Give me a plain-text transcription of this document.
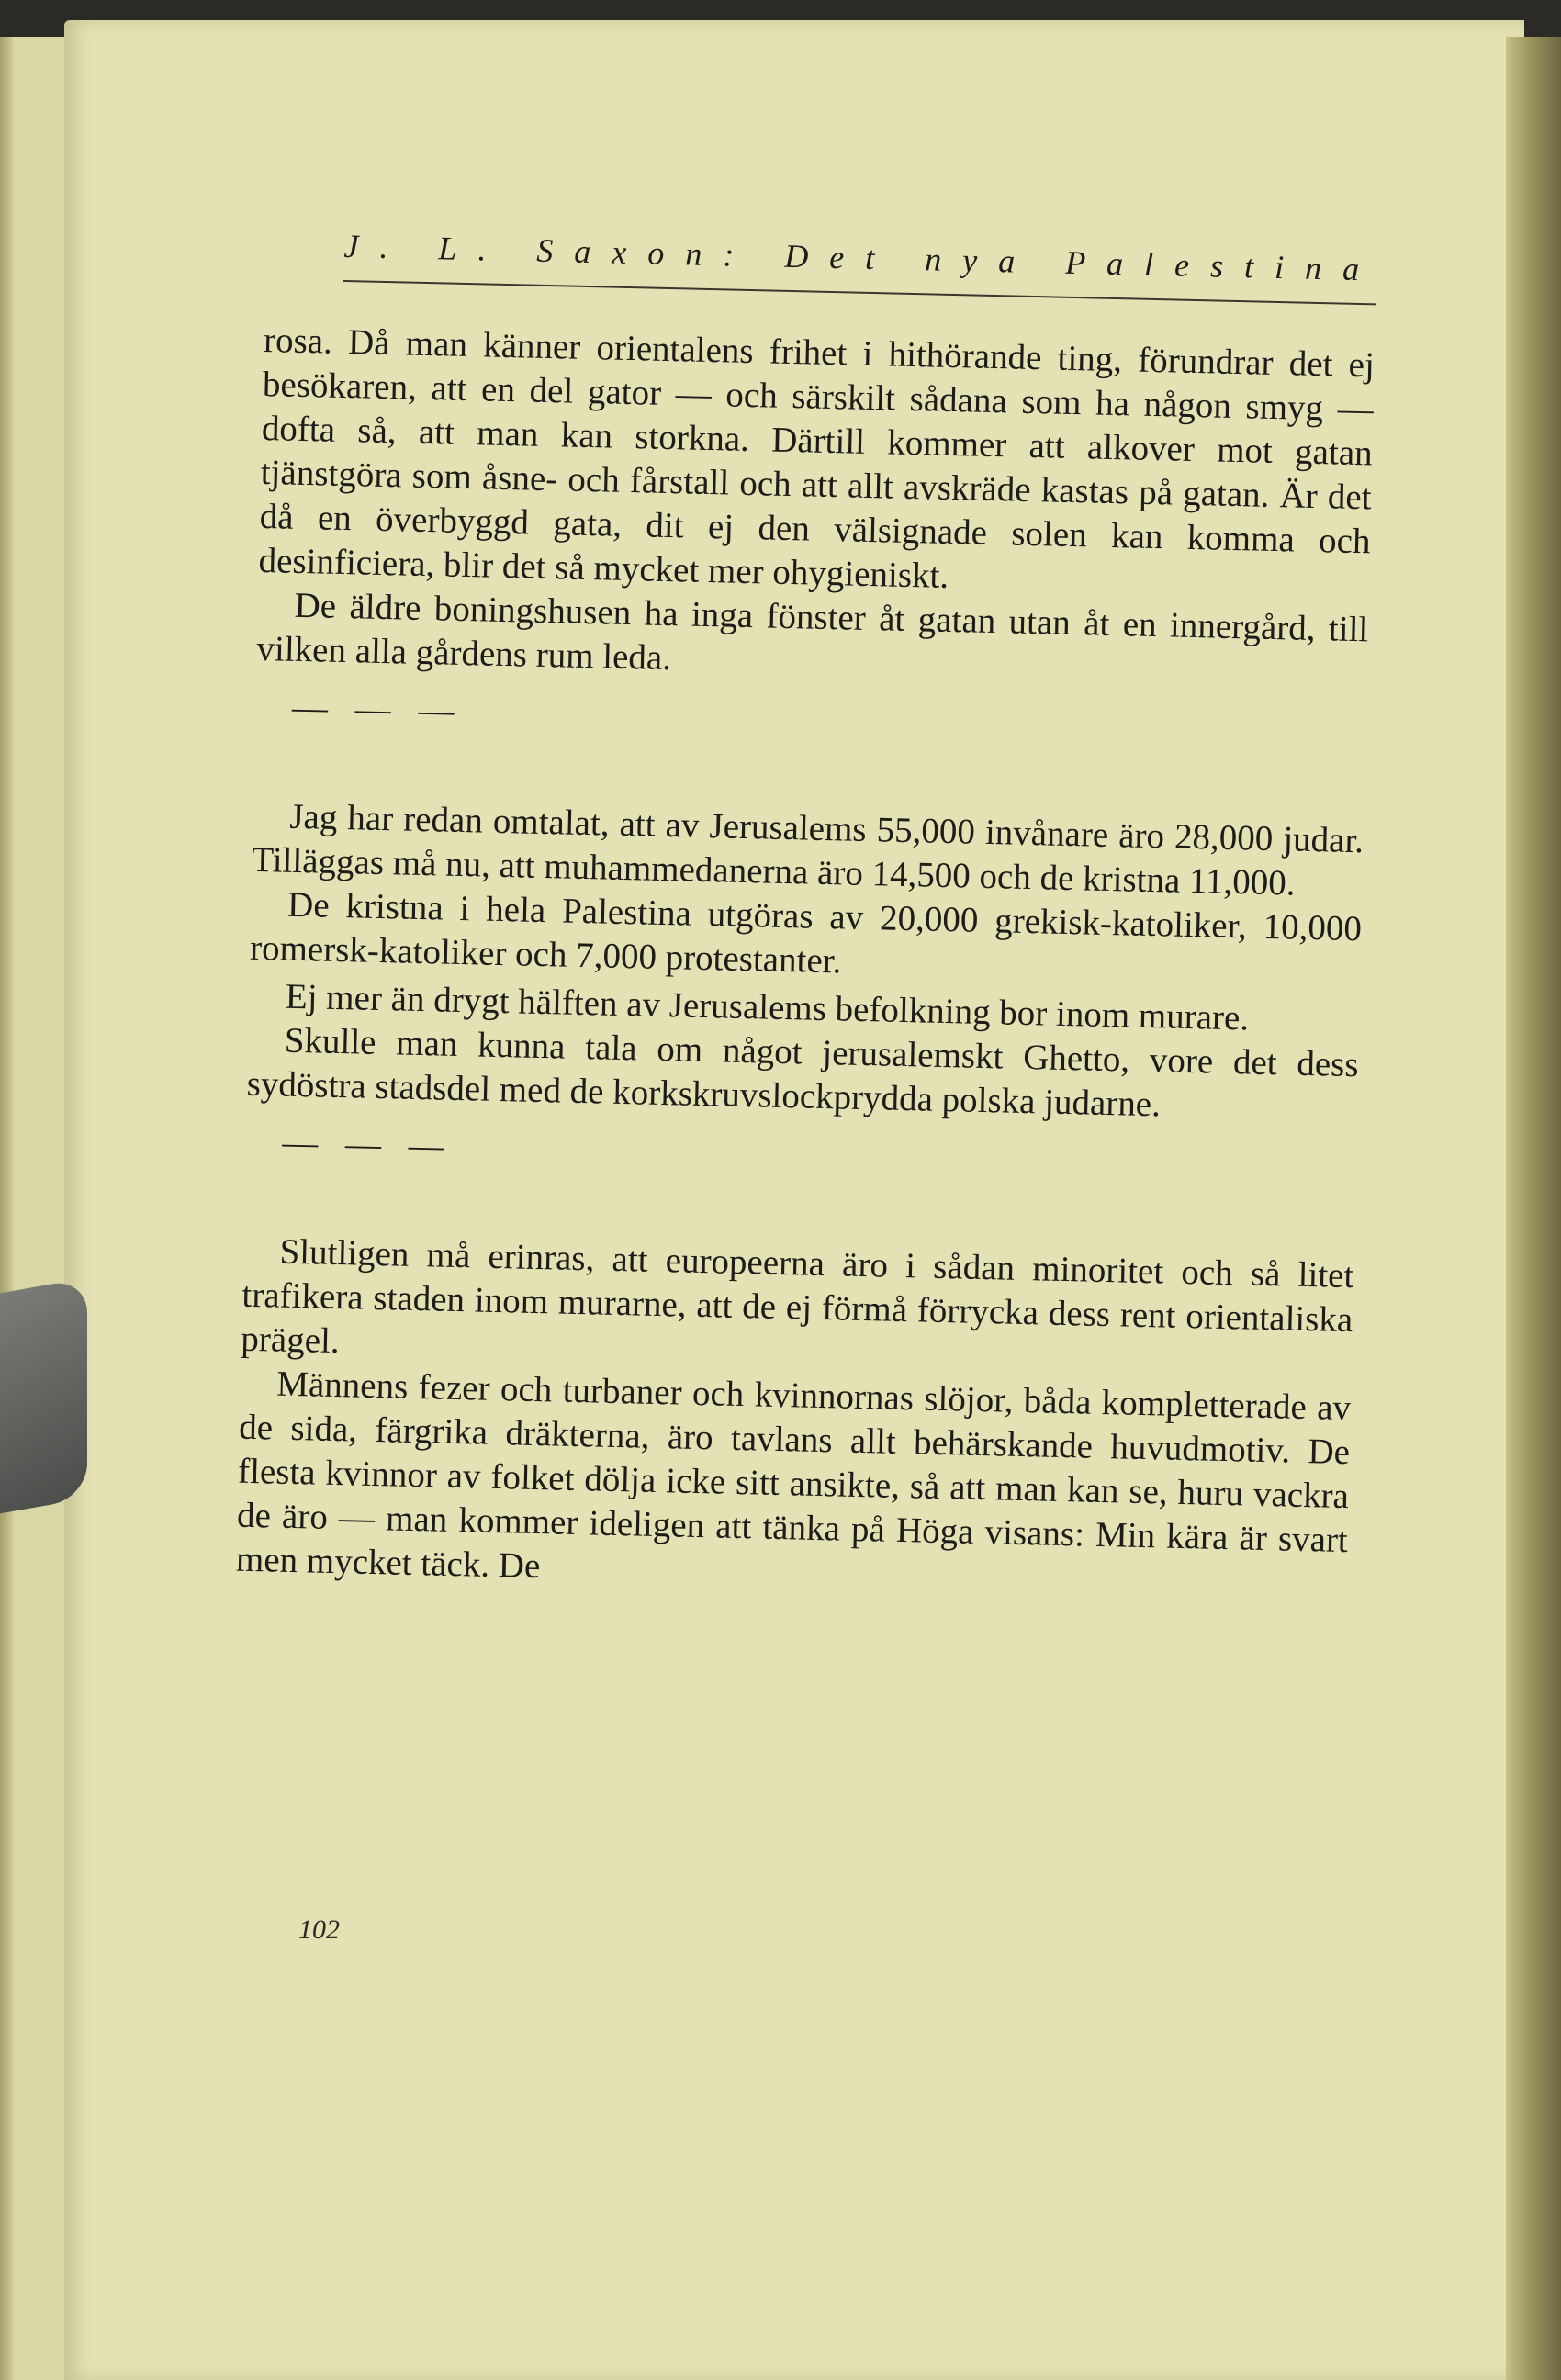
J. L. Saxon: Det nya Palestina

rosa. Då man känner orientalens frihet i hithörande ting, förundrar det ej besökaren, att en del gator — och särskilt sådana som ha någon smyg — dofta så, att man kan storkna. Därtill kommer att alkover mot gatan tjänstgöra som åsne- och fårstall och att allt avskräde kastas på gatan. Är det då en överbyggd gata, dit ej den välsignade solen kan komma och desinficiera, blir det så mycket mer ohygieniskt.

De äldre boningshusen ha inga fönster åt gatan utan åt en innergård, till vilken alla gårdens rum leda.

— — —

Jag har redan omtalat, att av Jerusalems 55,000 invånare äro 28,000 judar. Tilläggas må nu, att muhammedanerna äro 14,500 och de kristna 11,000.

De kristna i hela Palestina utgöras av 20,000 grekisk-katoliker, 10,000 romersk-katoliker och 7,000 protestanter.

Ej mer än drygt hälften av Jerusalems befolkning bor inom murare.

Skulle man kunna tala om något jerusalemskt Ghetto, vore det dess sydöstra stadsdel med de korkskruvslockprydda polska judarne.

— — —

Slutligen må erinras, att europeerna äro i sådan minoritet och så litet trafikera staden inom murarne, att de ej förmå förrycka dess rent orientaliska prägel.

Männens fezer och turbaner och kvinnornas slöjor, båda kompletterade av de sida, färgrika dräkterna, äro tavlans allt behärskande huvudmotiv. De flesta kvinnor av folket dölja icke sitt ansikte, så att man kan se, huru vackra de äro — man kommer ideligen att tänka på Höga visans: Min kära är svart men mycket täck. De

102
